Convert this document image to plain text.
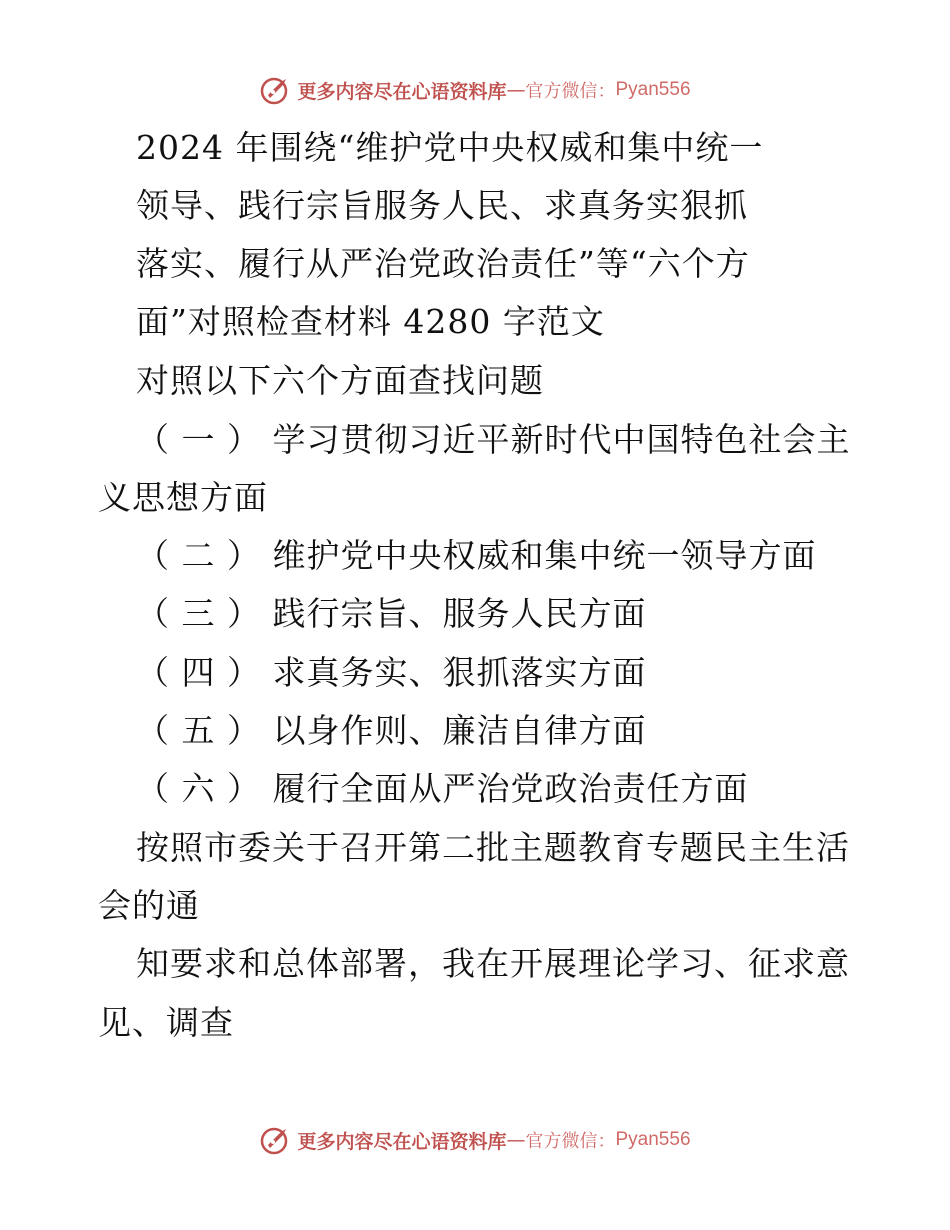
更多内容尽在心语资料库 — 官方微信： Pyan556
2024 年围绕“维护党中央权威和集中统一
领导、践行宗旨服务人民、求真务实狠抓
落实、履行从严治党政治责任”等“六个方
面”对照检查材料 4280 字范文
对照以下六个方面查找问题
（ 一 ） 学习贯彻习近平新时代中国特色社会主
义思想方面
（ 二 ） 维护党中央权威和集中统一领导方面
（ 三 ） 践行宗旨、服务人民方面
（ 四 ） 求真务实、狠抓落实方面
（ 五 ） 以身作则、廉洁自律方面
（ 六 ） 履行全面从严治党政治责任方面
按照市委关于召开第二批主题教育专题民主生活
会的通
知要求和总体部署，我在开展理论学习、征求意
见、调查
更多内容尽在心语资料库 — 官方微信： Pyan556
